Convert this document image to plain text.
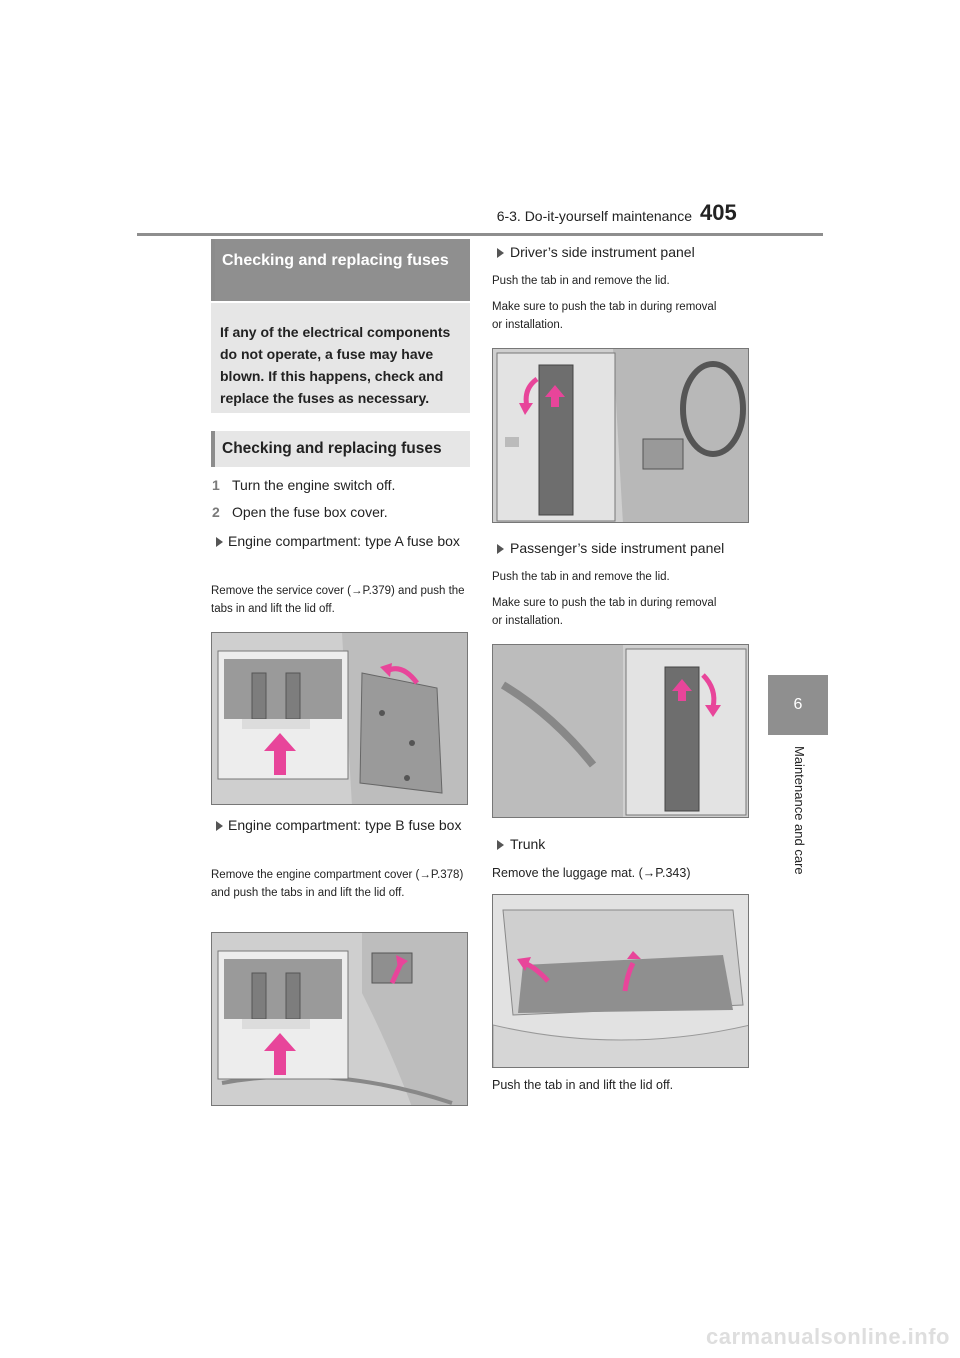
6-3. Do-it-yourself maintenance 405
6
Maintenance and care
Checking and replacing fuses
If any of the electrical components do not operate, a fuse may have blown. If this happens, check and replace the fuses as necessary.
Checking and replacing fuses
1 Turn the engine switch off.
2 Open the fuse box cover.
Engine compartment: type A fuse box
Remove the service cover (→P.379) and push the tabs in and lift the lid off.
Engine compartment: type B fuse box
Remove the engine compartment cover (→P.378) and push the tabs in and lift the lid off.
Driver’s side instrument panel
Push the tab in and remove the lid.
Make sure to push the tab in during removal or installation.
Passenger’s side instrument panel
Push the tab in and remove the lid.
Make sure to push the tab in during removal or installation.
Trunk
Remove the luggage mat. (→P.343)
Push the tab in and lift the lid off.
carmanualsonline.info
